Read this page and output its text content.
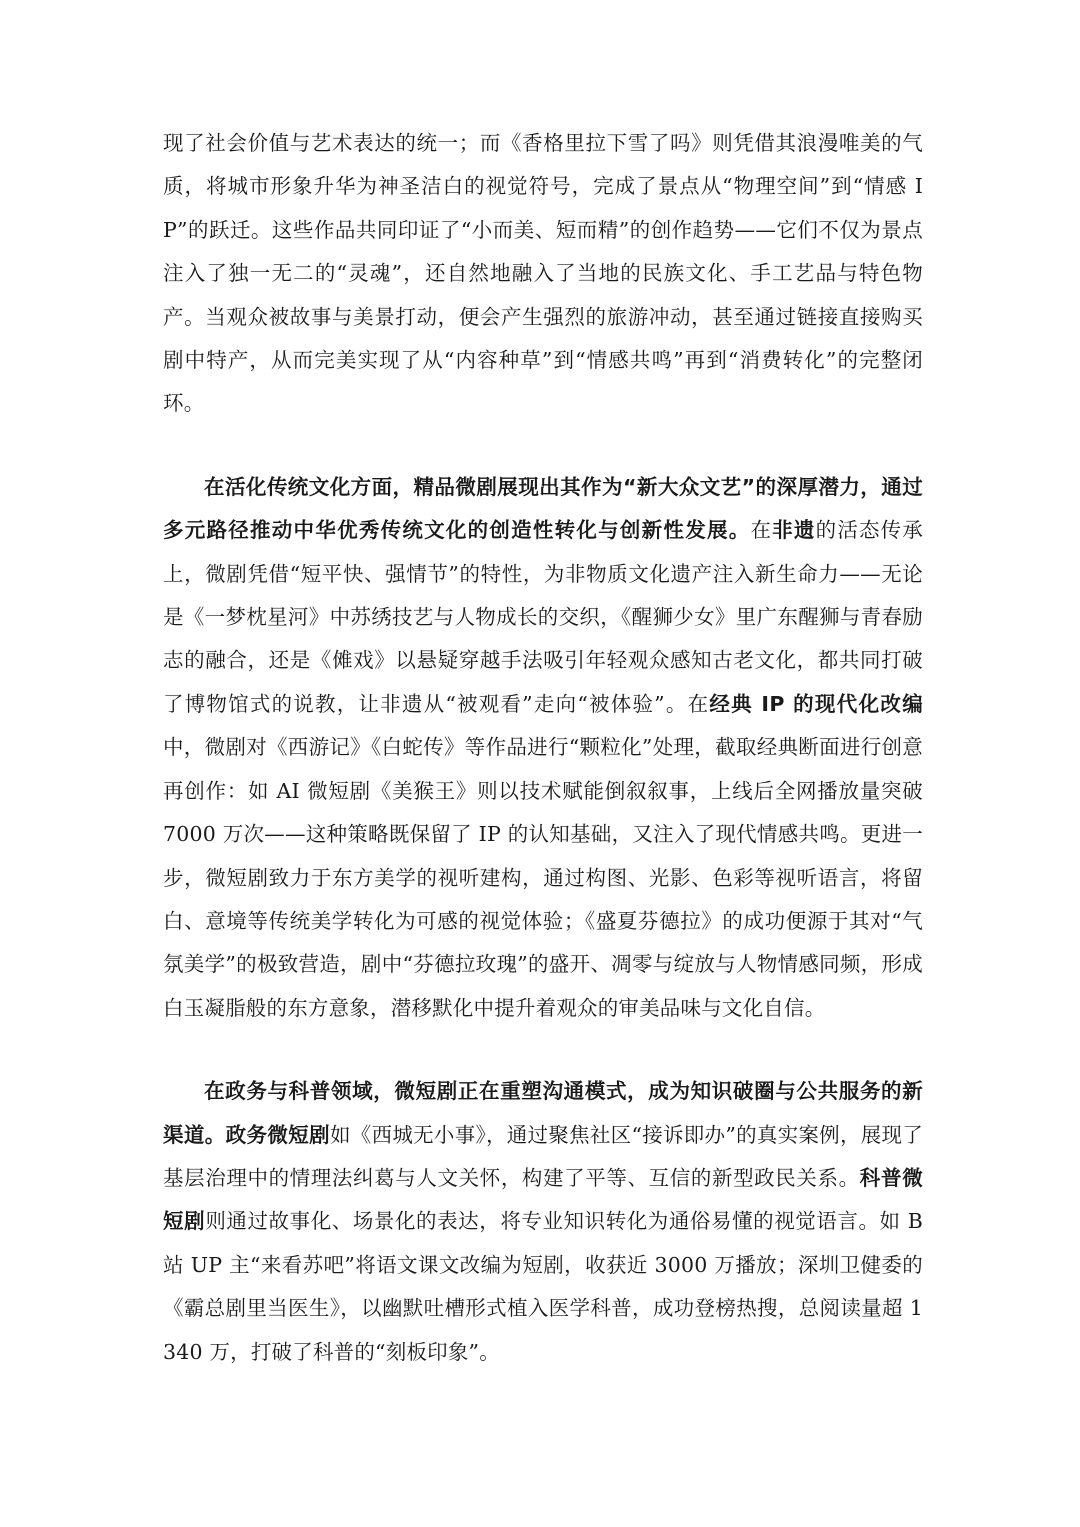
现了社会价值与艺术表达的统一；而《香格里拉下雪了吗》则凭借其浪漫唯美的气质，将城市形象升华为神圣洁白的视觉符号，完成了景点从“物理空间”到“情感 IP”的跃迁。这些作品共同印证了“小而美、短而精”的创作趋势——它们不仅为景点注入了独一无二的“灵魂”，还自然地融入了当地的民族文化、手工艺品与特色物产。当观众被故事与美景打动，便会产生强烈的旅游冲动，甚至通过链接直接购买剧中特产，从而完美实现了从“内容种草”到“情感共鸣”再到“消费转化”的完整闭环。

在活化传统文化方面，精品微剧展现出其作为“新大众文艺”的深厚潜力，通过多元路径推动中华优秀传统文化的创造性转化与创新性发展。在非遗的活态传承上，微剧凭借“短平快、强情节”的特性，为非物质文化遗产注入新生命力——无论是《一梦枕星河》中苏绣技艺与人物成长的交织，《醒狮少女》里广东醒狮与青春励志的融合，还是《傩戏》以悬疑穿越手法吸引年轻观众感知古老文化，都共同打破了博物馆式的说教，让非遗从“被观看”走向“被体验”。在经典 IP 的现代化改编中，微剧对《西游记》《白蛇传》等作品进行“颗粒化”处理，截取经典断面进行创意再创作：如 AI 微短剧《美猴王》则以技术赋能倒叙叙事，上线后全网播放量突破 7000 万次——这种策略既保留了 IP 的认知基础，又注入了现代情感共鸣。更进一步，微短剧致力于东方美学的视听建构，通过构图、光影、色彩等视听语言，将留白、意境等传统美学转化为可感的视觉体验；《盛夏芬德拉》的成功便源于其对“气氛美学”的极致营造，剧中“芬德拉玫瑰”的盛开、凋零与绽放与人物情感同频，形成白玉凝脂般的东方意象，潜移默化中提升着观众的审美品味与文化自信。

在政务与科普领域，微短剧正在重塑沟通模式，成为知识破圈与公共服务的新渠道。政务微短剧如《西城无小事》，通过聚焦社区“接诉即办”的真实案例，展现了基层治理中的情理法纠葛与人文关怀，构建了平等、互信的新型政民关系。科普微短剧则通过故事化、场景化的表达，将专业知识转化为通俗易懂的视觉语言。如 B 站 UP 主“来看苏吧”将语文课文改编为短剧，收获近 3000 万播放；深圳卫健委的《霸总剧里当医生》，以幽默吐槽形式植入医学科普，成功登榜热搜，总阅读量超 1340 万，打破了科普的“刻板印象”。
